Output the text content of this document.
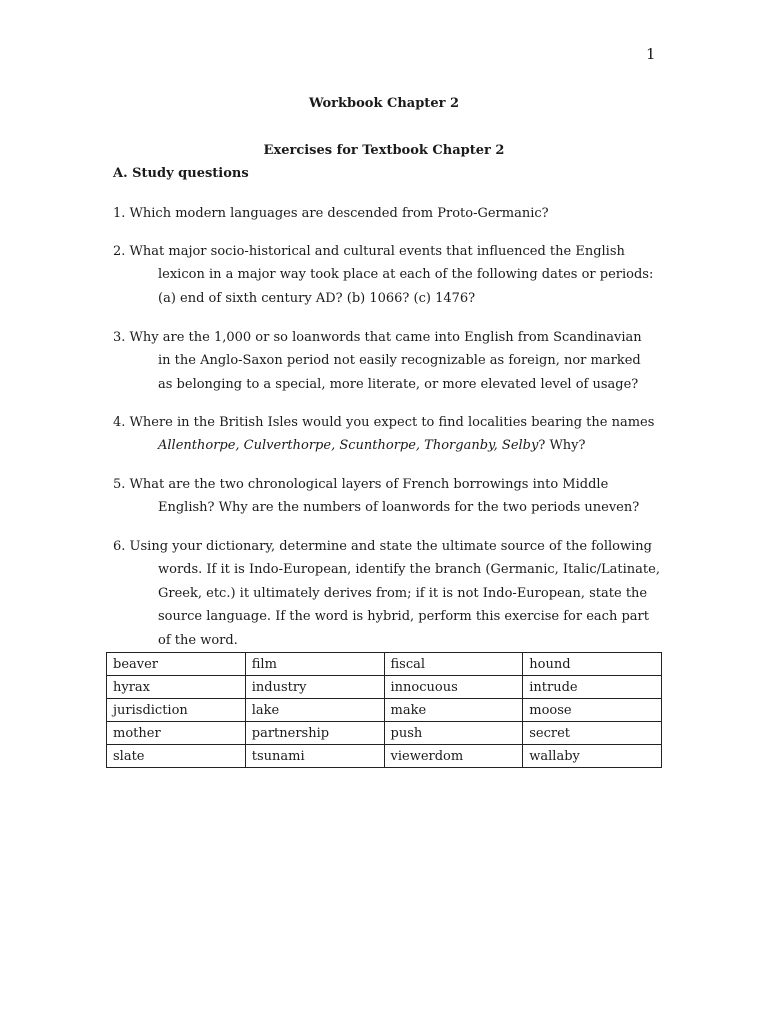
1
Workbook Chapter 2
Exercises for Textbook Chapter 2
A. Study questions

1. Which modern languages are descended from Proto-Germanic?

2. What major socio-historical and cultural events that influenced the English lexicon in a major way took place at each of the following dates or periods: (a) end of sixth century AD? (b) 1066? (c) 1476?

3. Why are the 1,000 or so loanwords that came into English from Scandinavian in the Anglo-Saxon period not easily recognizable as foreign, nor marked as belonging to a special, more literate, or more elevated level of usage?

4. Where in the British Isles would you expect to find localities bearing the names Allenthorpe, Culverthorpe, Scunthorpe, Thorganby, Selby? Why?

5. What are the two chronological layers of French borrowings into Middle English? Why are the numbers of loanwords for the two periods uneven?

6. Using your dictionary, determine and state the ultimate source of the following words. If it is Indo-European, identify the branch (Germanic, Italic/Latinate, Greek, etc.) it ultimately derives from; if it is not Indo-European, state the source language. If the word is hybrid, perform this exercise for each part of the word.

beaver	film	fiscal	hound
hyrax	industry	innocuous	intrude
jurisdiction	lake	make	moose
mother	partnership	push	secret
slate	tsunami	viewerdom	wallaby
